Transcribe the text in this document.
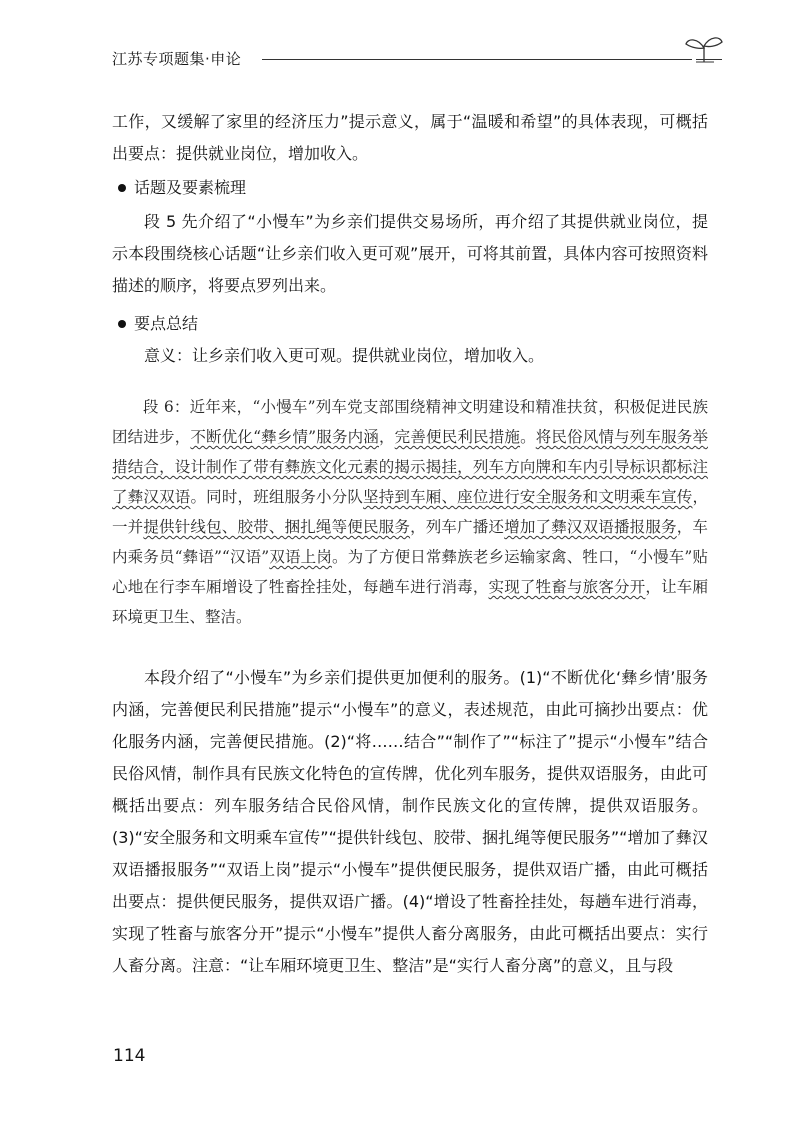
江苏专项题集·申论
工作，又缓解了家里的经济压力”提示意义，属于“温暖和希望”的具体表现，可概括出要点：提供就业岗位，增加收入。
话题及要素梳理
段 5 先介绍了“小慢车”为乡亲们提供交易场所，再介绍了其提供就业岗位，提示本段围绕核心话题“让乡亲们收入更可观”展开，可将其前置，具体内容可按照资料描述的顺序，将要点罗列出来。
要点总结
意义：让乡亲们收入更可观。提供就业岗位，增加收入。
段 6：近年来，“小慢车”列车党支部围绕精神文明建设和精准扶贫，积极促进民族团结进步，不断优化“彝乡情”服务内涵，完善便民利民措施。将民俗风情与列车服务举措结合，设计制作了带有彝族文化元素的揭示揭挂，列车方向牌和车内引导标识都标注了彝汉双语。同时，班组服务小分队坚持到车厢、座位进行安全服务和文明乘车宣传，一并提供针线包、胶带、捆扎绳等便民服务，列车广播还增加了彝汉双语播报服务，车内乘务员“彝语”“汉语”双语上岗。为了方便日常彝族老乡运输家禽、牲口，“小慢车”贴心地在行李车厢增设了牲畜拴挂处，每趟车进行消毒，实现了牲畜与旅客分开，让车厢环境更卫生、整洁。
本段介绍了“小慢车”为乡亲们提供更加便利的服务。(1)“不断优化‘彝乡情’服务内涵，完善便民利民措施”提示“小慢车”的意义，表述规范，由此可摘抄出要点：优化服务内涵，完善便民措施。(2)“将……结合”“制作了”“标注了”提示“小慢车”结合民俗风情，制作具有民族文化特色的宣传牌，优化列车服务，提供双语服务，由此可概括出要点：列车服务结合民俗风情，制作民族文化的宣传牌，提供双语服务。(3)“安全服务和文明乘车宣传”“提供针线包、胶带、捆扎绳等便民服务”“增加了彝汉双语播报服务”“双语上岗”提示“小慢车”提供便民服务，提供双语广播，由此可概括出要点：提供便民服务，提供双语广播。(4)“增设了牲畜拴挂处，每趟车进行消毒，实现了牲畜与旅客分开”提示“小慢车”提供人畜分离服务，由此可概括出要点：实行人畜分离。注意：“让车厢环境更卫生、整洁”是“实行人畜分离”的意义，且与段
114
